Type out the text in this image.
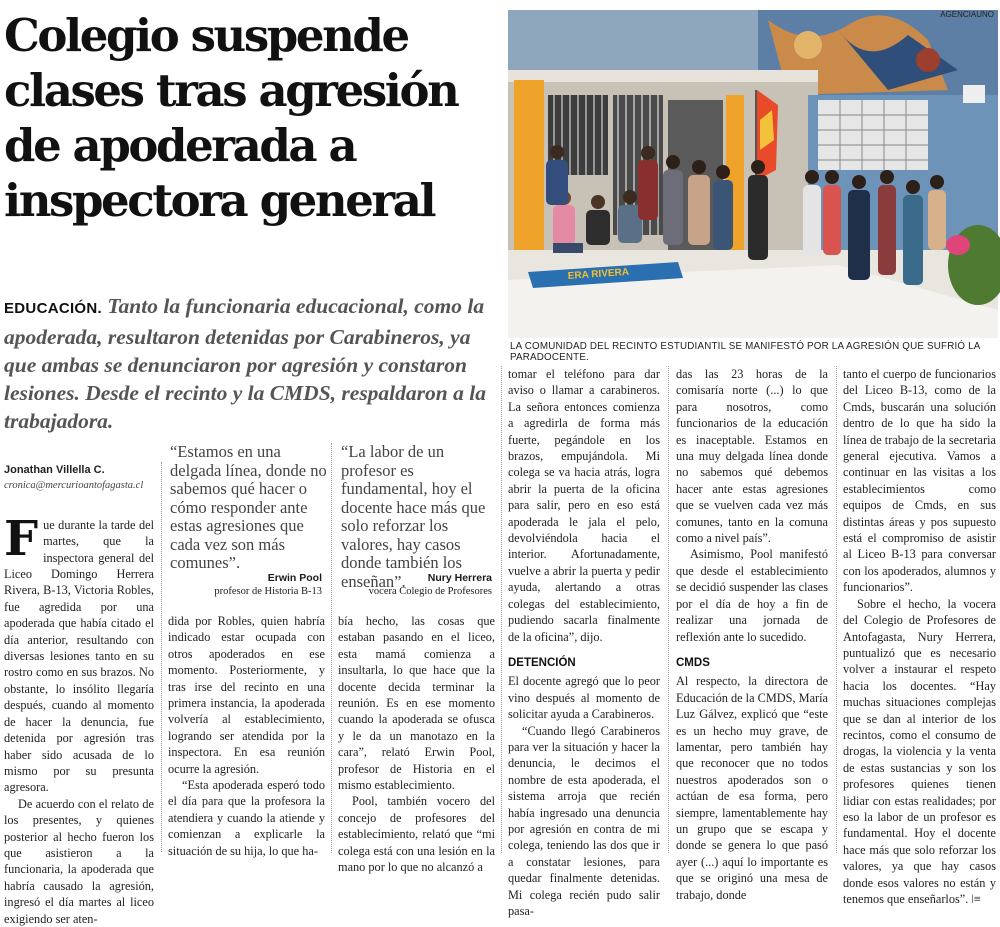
Colegio suspende clases tras agresión de apoderada a inspectora general
EDUCACIÓN. Tanto la funcionaria educacional, como la apoderada, resultaron detenidas por Carabineros, ya que ambas se denunciaron por agresión y constaron lesiones. Desde el recinto y la CMDS, respaldaron a la trabajadora.
AGENCIAUNO
ERA RIVERA
LA COMUNIDAD DEL RECINTO ESTUDIANTIL SE MANIFESTÓ POR LA AGRESIÓN QUE SUFRIÓ LA PARADOCENTE.
Jonathan Villella C.
cronica@mercurioantofagasta.cl

Fue durante la tarde del martes, que la inspectora general del Liceo Domingo Herrera Rivera, B-13, Victoria Robles, fue agredida por una apoderada que había citado el día anterior, resultando con diversas lesiones tanto en su rostro como en sus brazos. No obstante, lo insólito llegaría después, cuando al momento de hacer la denuncia, fue detenida por agresión tras haber sido acusada de lo mismo por su presunta agresora.

De acuerdo con el relato de los presentes, y quienes posterior al hecho fueron los que asistieron a la funcionaria, la apoderada que habría causado la agresión, ingresó el día martes al liceo exigiendo ser aten-

“Estamos en una delgada línea, donde no sabemos qué hacer o cómo responder ante estas agresiones que cada vez son más comunes”.
Erwin Pool
profesor de Historia B-13
“La labor de un profesor es fundamental, hoy el docente hace más que solo reforzar los valores, hay casos donde también los enseñan”.	Nury Herrera
vocera Colegio de Profesores

dida por Robles, quien habría indicado estar ocupada con otros apoderados en ese momento. Posteriormente, y tras irse del recinto en una primera instancia, la apoderada volvería al establecimiento, logrando ser atendida por la inspectora. En esa reunión ocurre la agresión.

“Esta apoderada esperó todo el día para que la profesora la atendiera y cuando la atiende y comienzan a explicarle la situación de su hija, lo que ha-

bía hecho, las cosas que estaban pasando en el liceo, esta mamá comienza a insultarla, lo que hace que la docente decida terminar la reunión. Es en ese momento cuando la apoderada se ofusca y le da un manotazo en la cara”, relató Erwin Pool, profesor de Historia en el mismo establecimiento.

Pool, también vocero del concejo de profesores del establecimiento, relató que “mi colega está con una lesión en la mano por lo que no alcanzó a

tomar el teléfono para dar aviso o llamar a carabineros. La señora entonces comienza a agredirla de forma más fuerte, pegándole en los brazos, empujándola. Mi colega se va hacia atrás, logra abrir la puerta de la oficina para salir, pero en eso está apoderada le jala el pelo, devolviéndola hacia el interior. Afortunadamente, vuelve a abrir la puerta y pedir ayuda, alertando a otras colegas del establecimiento, pudiendo sacarla finalmente de la oficina”, dijo.

DETENCIÓN

El docente agregó que lo peor vino después al momento de solicitar ayuda a Carabineros.

“Cuando llegó Carabineros para ver la situación y hacer la denuncia, le decimos el nombre de esta apoderada, el sistema arroja que recién había ingresado una denuncia por agresión en contra de mi colega, teniendo las dos que ir a constatar lesiones, para quedar finalmente detenidas. Mi colega recién pudo salir pasa-

das las 23 horas de la comisaría norte (...) lo que para nosotros, como funcionarios de la educación es inaceptable. Estamos en una muy delgada línea donde no sabemos qué debemos hacer ante estas agresiones que se vuelven cada vez más comunes, tanto en la comuna como a nivel país”.

Asimismo, Pool manifestó que desde el establecimiento se decidió suspender las clases por el día de hoy a fin de realizar una jornada de reflexión ante lo sucedido.

CMDS

Al respecto, la directora de Educación de la CMDS, María Luz Gálvez, explicó que “este es un hecho muy grave, de lamentar, pero también hay que reconocer que no todos nuestros apoderados son o actúan de esa forma, pero siempre, lamentablemente hay un grupo que se escapa y donde se genera lo que pasó ayer (...) aquí lo importante es que se originó una mesa de trabajo, donde

tanto el cuerpo de funcionarios del Liceo B-13, como de la Cmds, buscarán una solución dentro de lo que ha sido la línea de trabajo de la secretaria general ejecutiva. Vamos a continuar en las visitas a los establecimientos como equipos de Cmds, en sus distintas áreas y pos supuesto está el compromiso de asistir al Liceo B-13 para conversar con los apoderados, alumnos y funcionarios”.

Sobre el hecho, la vocera del Colegio de Profesores de Antofagasta, Nury Herrera, puntualizó que es necesario volver a instaurar el respeto hacia los docentes. “Hay muchas situaciones complejas que se dan al interior de los recintos, como el consumo de drogas, la violencia y la venta de estas sustancias y son los profesores quienes tienen lidiar con estas realidades; por eso la labor de un profesor es fundamental. Hoy el docente hace más que solo reforzar los valores, ya que hay casos donde esos valores no están y tenemos que enseñarlos”. ǀ≡
